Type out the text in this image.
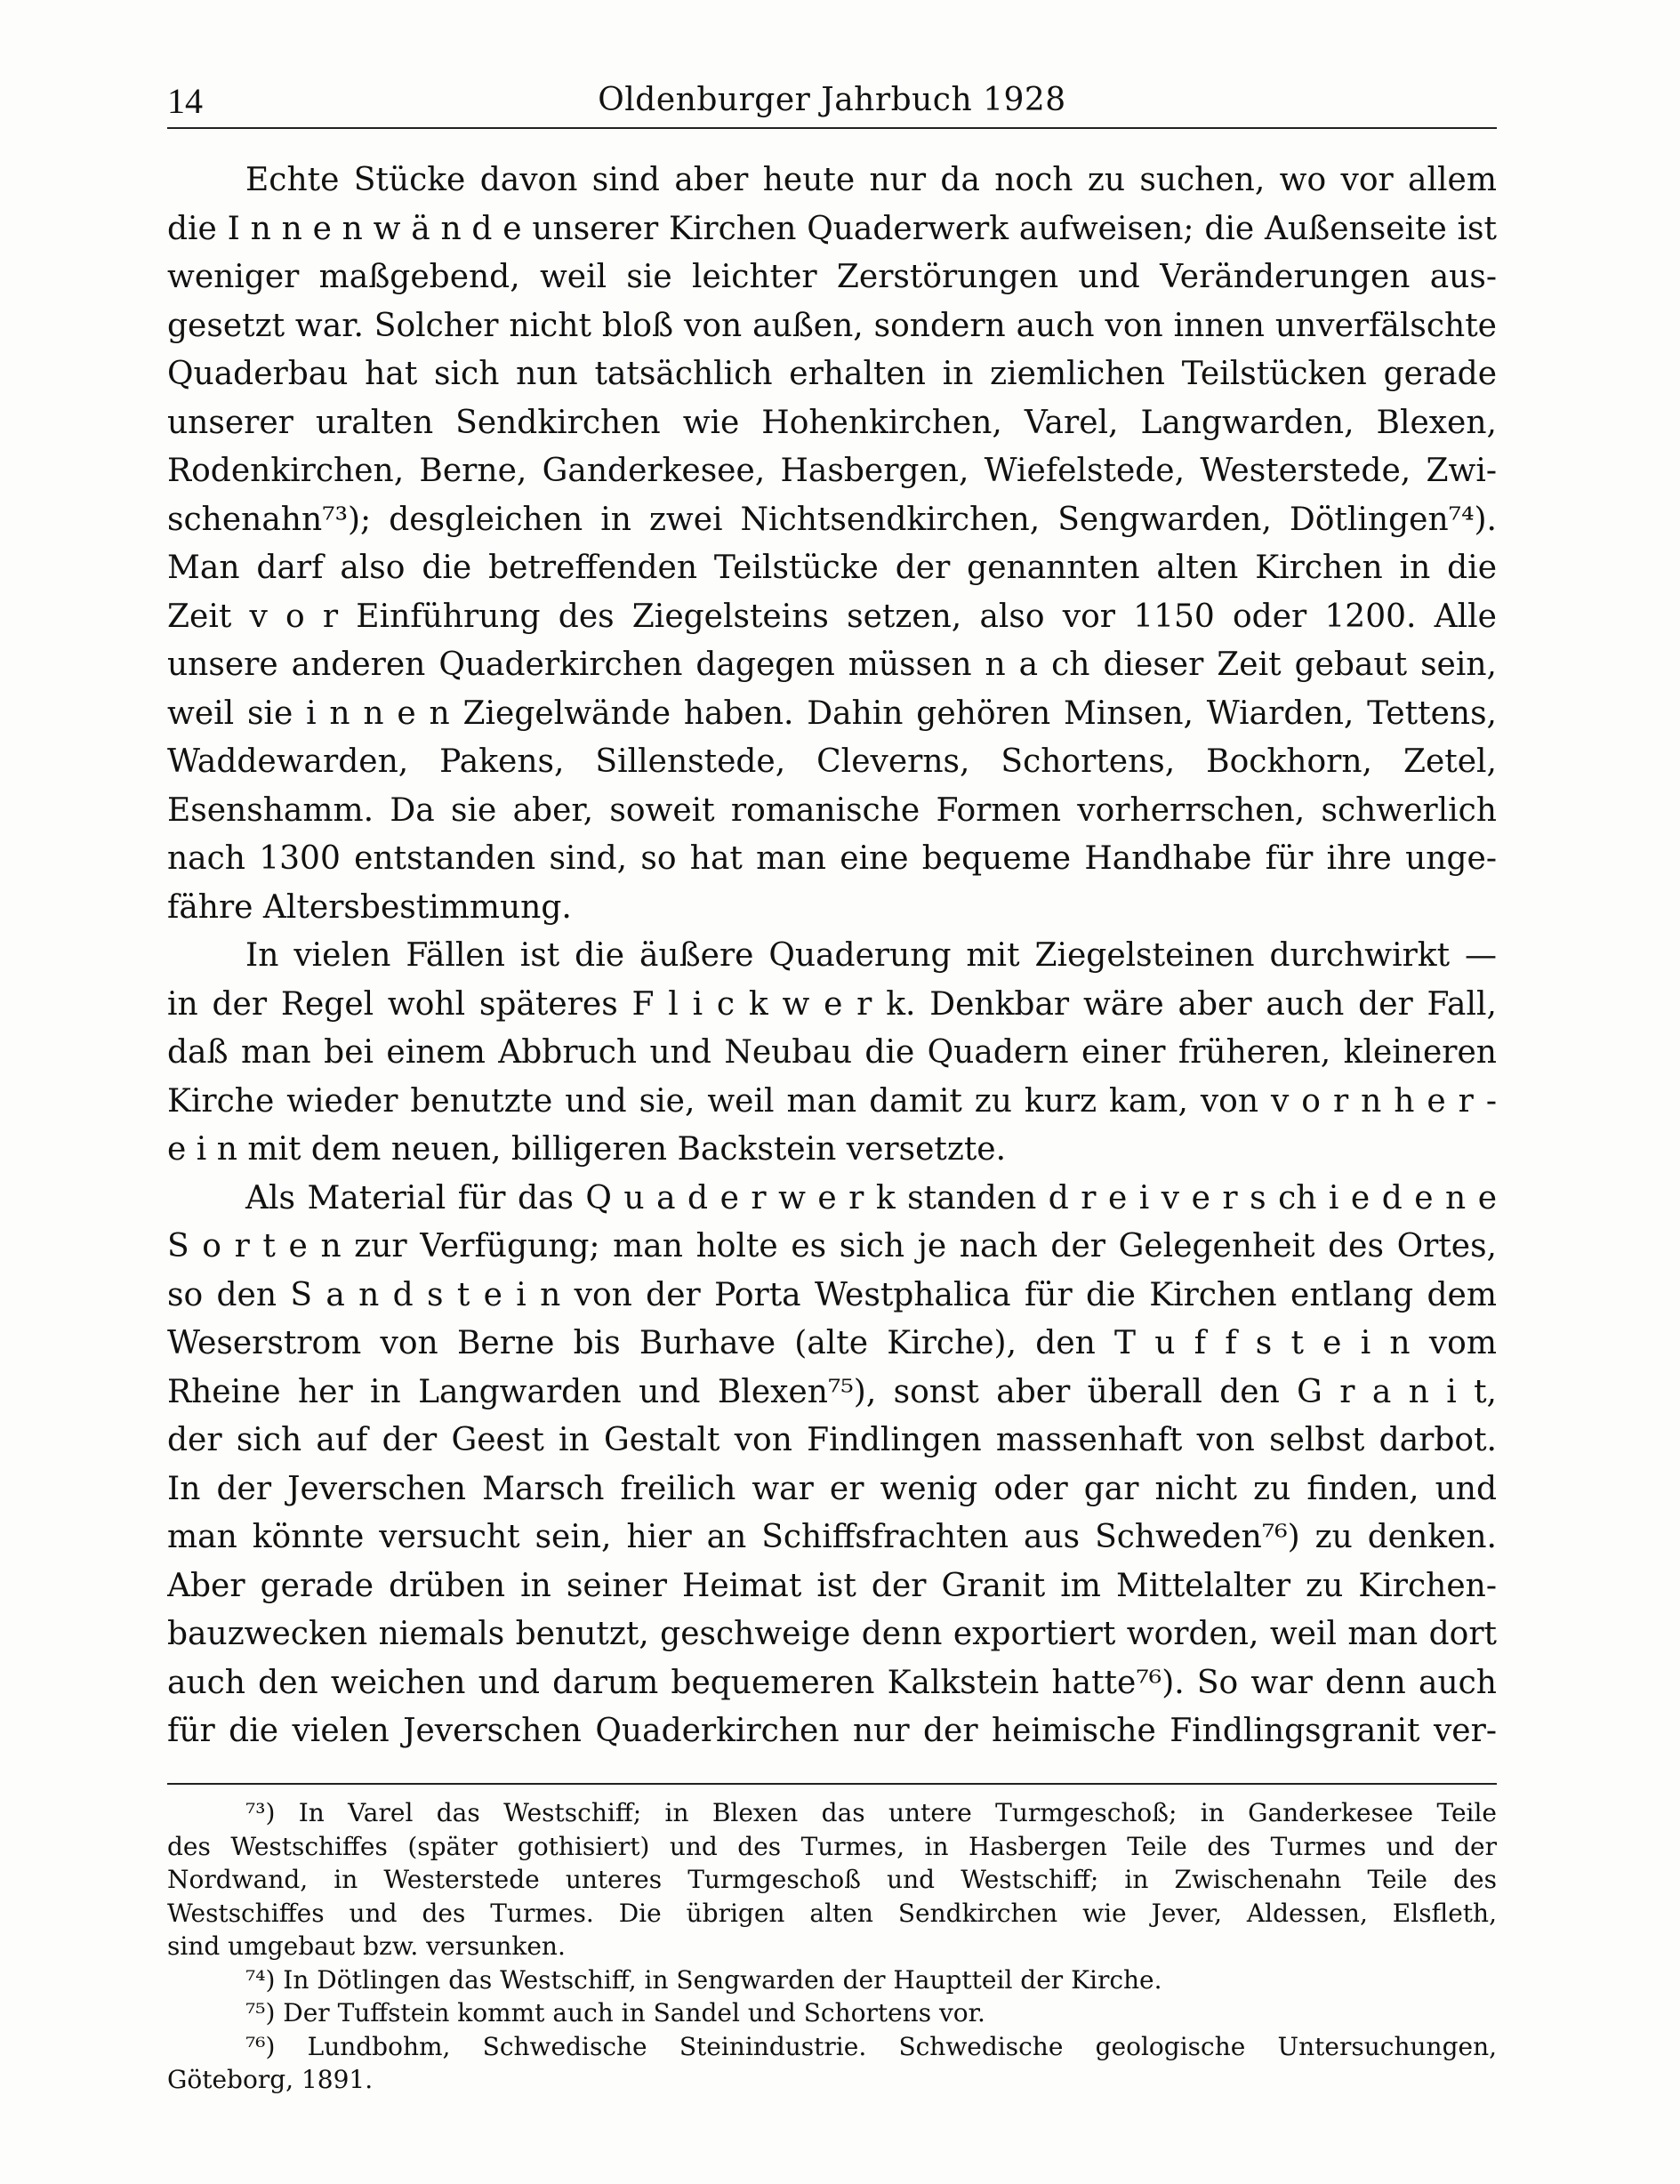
14	Oldenburger Jahrbuch 1928
Echte Stücke davon sind aber heute nur da noch zu suchen, wo vor allem
die I n n e n w ä n d e unserer Kirchen Quaderwerk aufweisen; die Außenseite ist
weniger maßgebend, weil sie leichter Zerstörungen und Veränderungen aus-
gesetzt war. Solcher nicht bloß von außen, sondern auch von innen unverfälschte
Quaderbau hat sich nun tatsächlich erhalten in ziemlichen Teilstücken gerade
unserer uralten Sendkirchen wie Hohenkirchen, Varel, Langwarden, Blexen,
Rodenkirchen, Berne, Ganderkesee, Hasbergen, Wiefelstede, Westerstede, Zwi-
schenahn⁷³); desgleichen in zwei Nichtsendkirchen, Sengwarden, Dötlingen⁷⁴).
Man darf also die betreffenden Teilstücke der genannten alten Kirchen in die
Zeit v o r Einführung des Ziegelsteins setzen, also vor 1150 oder 1200. Alle
unsere anderen Quaderkirchen dagegen müssen n a ch dieser Zeit gebaut sein,
weil sie i n n e n Ziegelwände haben. Dahin gehören Minsen, Wiarden, Tettens,
Waddewarden, Pakens, Sillenstede, Cleverns, Schortens, Bockhorn, Zetel,
Esenshamm. Da sie aber, soweit romanische Formen vorherrschen, schwerlich
nach 1300 entstanden sind, so hat man eine bequeme Handhabe für ihre unge-
fähre Altersbestimmung.
In vielen Fällen ist die äußere Quaderung mit Ziegelsteinen durchwirkt —
in der Regel wohl späteres F l i c k w e r k. Denkbar wäre aber auch der Fall,
daß man bei einem Abbruch und Neubau die Quadern einer früheren, kleineren
Kirche wieder benutzte und sie, weil man damit zu kurz kam, von v o r n h e r -
e i n mit dem neuen, billigeren Backstein versetzte.
Als Material für das Q u a d e r w e r k standen d r e i v e r s ch i e d e n e
S o r t e n zur Verfügung; man holte es sich je nach der Gelegenheit des Ortes,
so den S a n d s t e i n von der Porta Westphalica für die Kirchen entlang dem
Weserstrom von Berne bis Burhave (alte Kirche), den T u f f s t e i n vom
Rheine her in Langwarden und Blexen⁷⁵), sonst aber überall den G r a n i t,
der sich auf der Geest in Gestalt von Findlingen massenhaft von selbst darbot.
In der Jeverschen Marsch freilich war er wenig oder gar nicht zu finden, und
man könnte versucht sein, hier an Schiffsfrachten aus Schweden⁷⁶) zu denken.
Aber gerade drüben in seiner Heimat ist der Granit im Mittelalter zu Kirchen-
bauzwecken niemals benutzt, geschweige denn exportiert worden, weil man dort
auch den weichen und darum bequemeren Kalkstein hatte⁷⁶). So war denn auch
für die vielen Jeverschen Quaderkirchen nur der heimische Findlingsgranit ver-
⁷³) In Varel das Westschiff; in Blexen das untere Turmgeschoß; in Ganderkesee Teile
des Westschiffes (später gothisiert) und des Turmes, in Hasbergen Teile des Turmes und der
Nordwand, in Westerstede unteres Turmgeschoß und Westschiff; in Zwischenahn Teile des
Westschiffes und des Turmes. Die übrigen alten Sendkirchen wie Jever, Aldessen, Elsfleth,
sind umgebaut bzw. versunken.
⁷⁴) In Dötlingen das Westschiff, in Sengwarden der Hauptteil der Kirche.
⁷⁵) Der Tuffstein kommt auch in Sandel und Schortens vor.
⁷⁶) Lundbohm, Schwedische Steinindustrie. Schwedische geologische Untersuchungen,
Göteborg, 1891.
